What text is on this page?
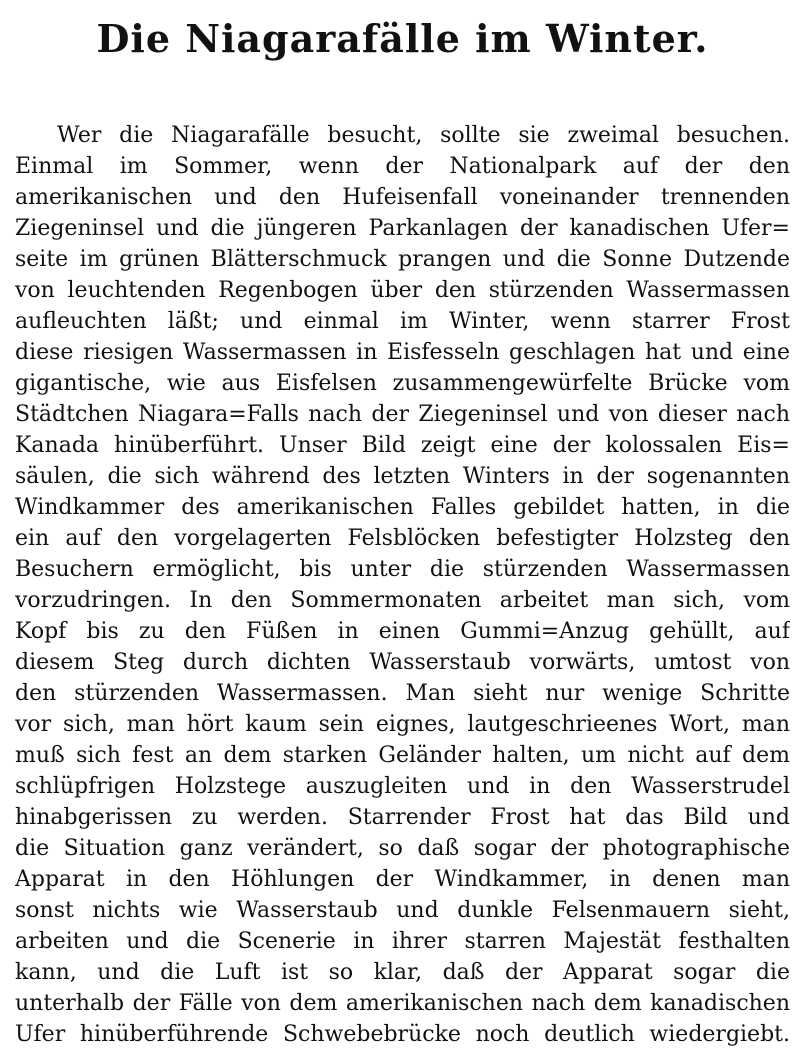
Die Niagarafälle im Winter.
Wer die Niagarafälle besucht, sollte sie zweimal besuchen.
Einmal im Sommer, wenn der Nationalpark auf der den
amerikanischen und den Hufeisenfall voneinander trennenden
Ziegeninsel und die jüngeren Parkanlagen der kanadischen Ufer=
seite im grünen Blätterschmuck prangen und die Sonne Dutzende
von leuchtenden Regenbogen über den stürzenden Wassermassen
aufleuchten läßt; und einmal im Winter, wenn starrer Frost
diese riesigen Wassermassen in Eisfesseln geschlagen hat und eine
gigantische, wie aus Eisfelsen zusammengewürfelte Brücke vom
Städtchen Niagara=Falls nach der Ziegeninsel und von dieser nach
Kanada hinüberführt. Unser Bild zeigt eine der kolossalen Eis=
säulen, die sich während des letzten Winters in der sogenannten
Windkammer des amerikanischen Falles gebildet hatten, in die
ein auf den vorgelagerten Felsblöcken befestigter Holzsteg den
Besuchern ermöglicht, bis unter die stürzenden Wassermassen
vorzudringen. In den Sommermonaten arbeitet man sich, vom
Kopf bis zu den Füßen in einen Gummi=Anzug gehüllt, auf
diesem Steg durch dichten Wasserstaub vorwärts, umtost von
den stürzenden Wassermassen. Man sieht nur wenige Schritte
vor sich, man hört kaum sein eignes, lautgeschrieenes Wort, man
muß sich fest an dem starken Geländer halten, um nicht auf dem
schlüpfrigen Holzstege auszugleiten und in den Wasserstrudel
hinabgerissen zu werden. Starrender Frost hat das Bild und
die Situation ganz verändert, so daß sogar der photographische
Apparat in den Höhlungen der Windkammer, in denen man
sonst nichts wie Wasserstaub und dunkle Felsenmauern sieht,
arbeiten und die Scenerie in ihrer starren Majestät festhalten
kann, und die Luft ist so klar, daß der Apparat sogar die
unterhalb der Fälle von dem amerikanischen nach dem kanadischen
Ufer hinüberführende Schwebebrücke noch deutlich wiedergiebt.
